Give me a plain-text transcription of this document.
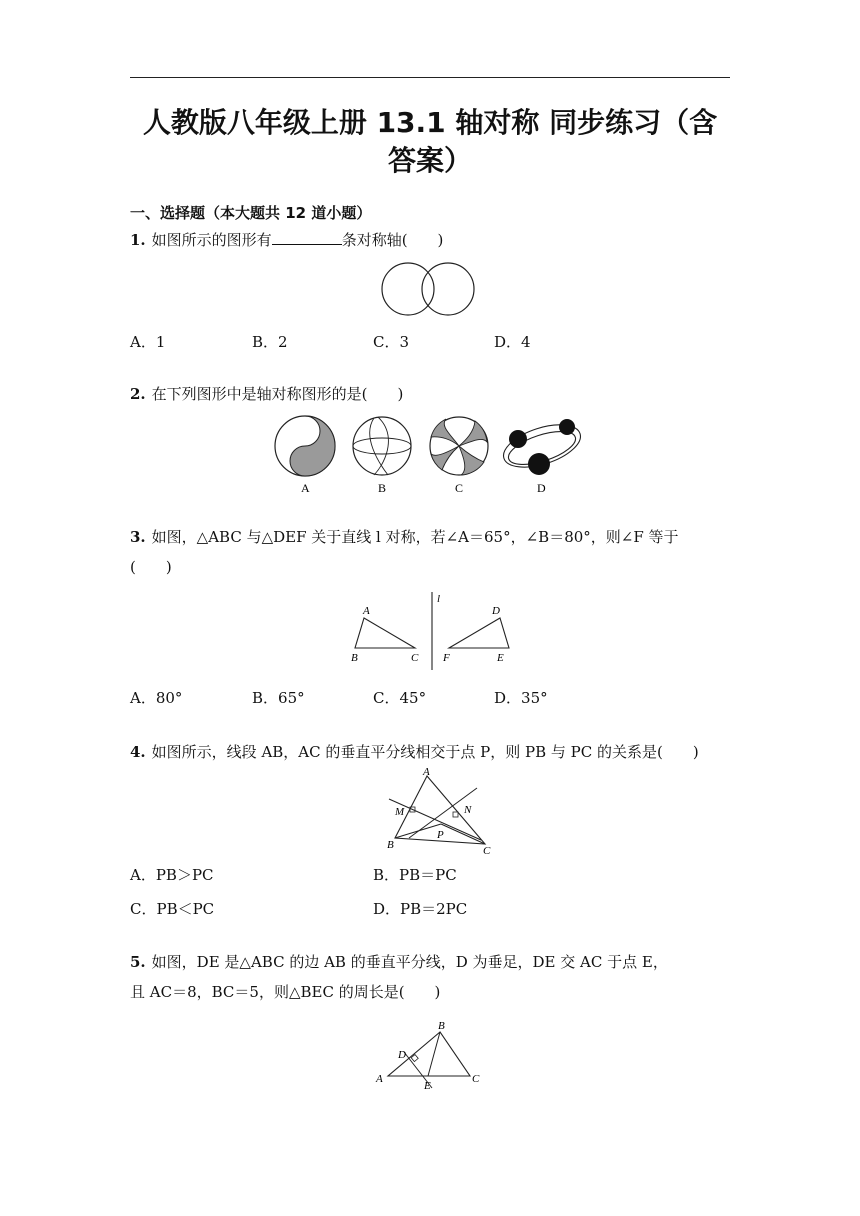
人教版八年级上册 13.1 轴对称 同步练习（含
答案）
一、选择题（本大题共 12 道小题）
1. 如图所示的图形有	条对称轴(　　)
A．1	B．2	C．3	D．4
2. 在下列图形中是轴对称图形的是(　　)
A	B	C	D
3. 如图，△ABC 与△DEF 关于直线 l 对称，若∠A＝65°，∠B＝80°，则∠F 等于
(　　)
A
B	C
l
D
F	E
A．80°	B．65°	C．45°	D．35°
4. 如图所示，线段 AB，AC 的垂直平分线相交于点 P，则 PB 与 PC 的关系是(　　)
A
M	N
P
B	C
A．PB＞PC	B．PB＝PC
C．PB＜PC	D．PB＝2PC
5. 如图，DE 是△ABC 的边 AB 的垂直平分线，D 为垂足，DE 交 AC 于点 E，
且 AC＝8，BC＝5，则△BEC 的周长是(　　)
B
D
A
E
C
